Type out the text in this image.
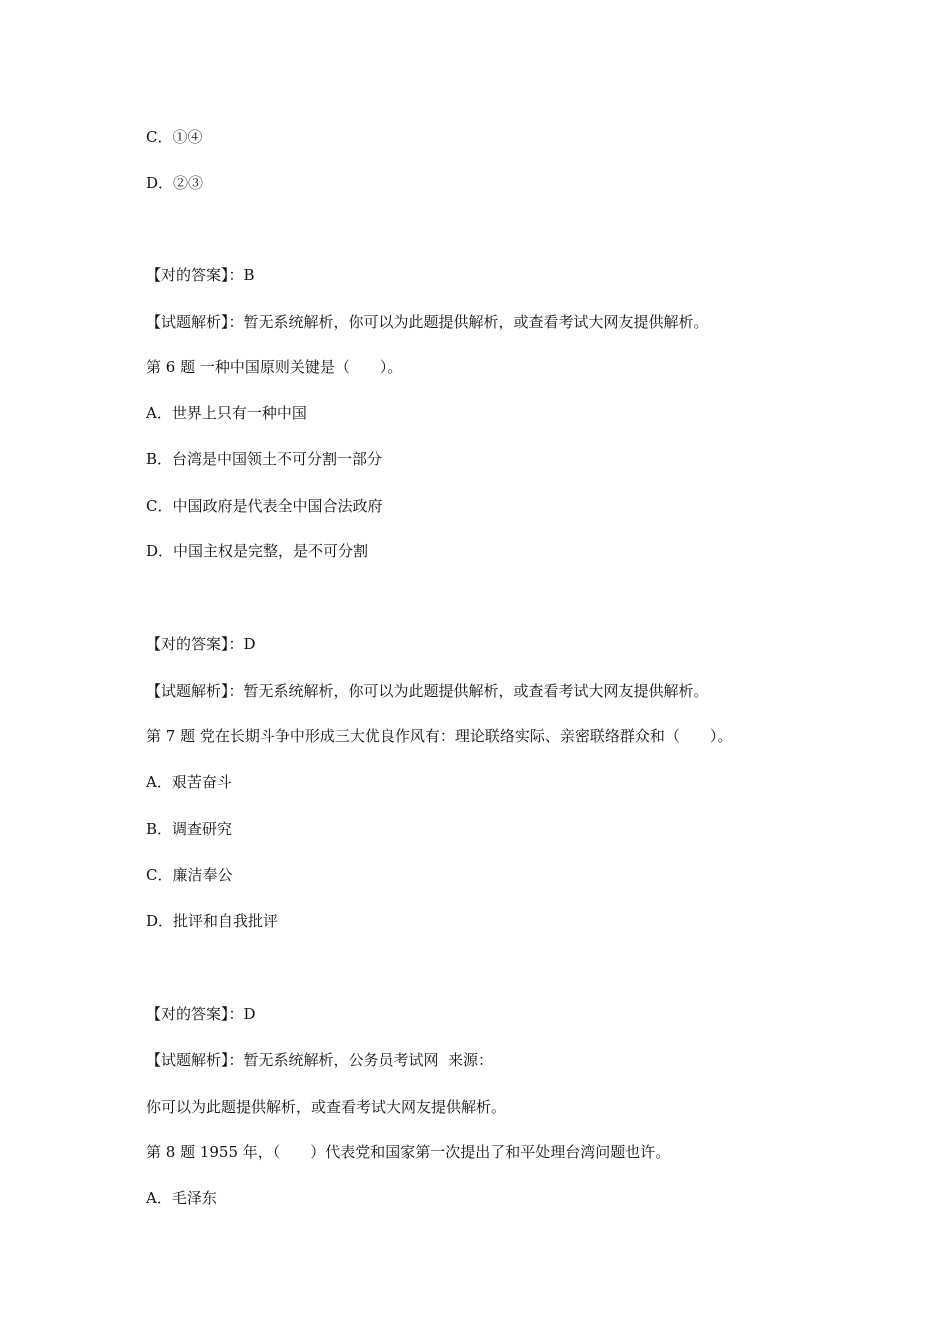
C．①④
D．②③
【对的答案】：B
【试题解析】：暂无系统解析，你可以为此题提供解析，或查看考试大网友提供解析。
第 6 题 一种中国原则关键是（　　）。
A．世界上只有一种中国
B．台湾是中国领土不可分割一部分
C．中国政府是代表全中国合法政府
D．中国主权是完整，是不可分割
【对的答案】：D
【试题解析】：暂无系统解析，你可以为此题提供解析，或查看考试大网友提供解析。
第 7 题 党在长期斗争中形成三大优良作风有：理论联络实际、亲密联络群众和（　　）。
A．艰苦奋斗
B．调查研究
C．廉洁奉公
D．批评和自我批评
【对的答案】：D
【试题解析】：暂无系统解析，公务员考试网  来源：
你可以为此题提供解析，或查看考试大网友提供解析。
第 8 题 1955 年，（　　）代表党和国家第一次提出了和平处理台湾问题也许。
A．毛泽东
